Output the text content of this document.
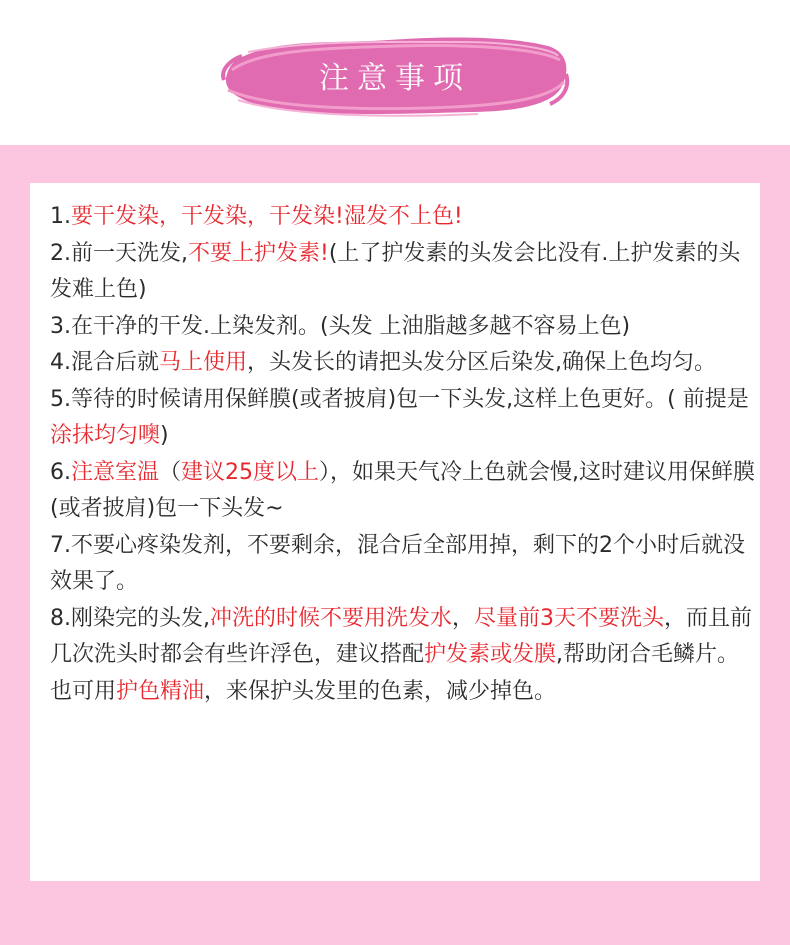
注意事项
1.要干发染，干发染，干发染!湿发不上色!
2.前一天洗发,不要上护发素!(上了护发素的头发会比没有.上护发素的头发难上色)
3.在干净的干发.上染发剂。(头发 上油脂越多越不容易上色)
4.混合后就马上使用，头发长的请把头发分区后染发,确保上色均匀。
5.等待的时候请用保鲜膜(或者披肩)包一下头发,这样上色更好。( 前提是涂抹均匀噢)
6.注意室温（建议25度以上），如果天气冷上色就会慢,这时建议用保鲜膜(或者披肩)包一下头发~
7.不要心疼染发剂，不要剩余，混合后全部用掉，剩下的2个小时后就没效果了。
8.刚染完的头发,冲洗的时候不要用洗发水，尽量前3天不要洗头，而且前几次洗头时都会有些许浮色，建议搭配护发素或发膜,帮助闭合毛鳞片。也可用护色精油，来保护头发里的色素，减少掉色。
